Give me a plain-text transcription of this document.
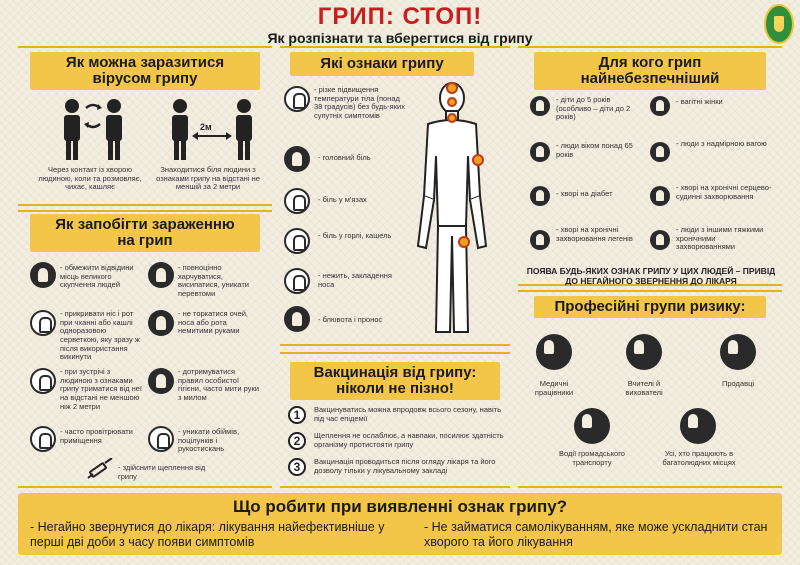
ГРИП: СТОП!
Як розпізнати та вберегтися від грипу
Як можна заразитися вірусом грипу
2м
Через контакт із хворою людиною, коли та розмовляє, чихає, кашляє
Знаходитися біля людини з ознаками грипу на відстані не меншій за 2 метри
Як запобігти зараженню на грип
- обмежити відвідини місць великого скупчення людей
- повноцінно харчуватися, висипатися, уникати перевтоми
- прикривати ніс і рот при чханні або кашлі одноразовою серветкою, яку зразу ж після використання викинути
- не торкатися очей, носа або рота немитими руками
- при зустрічі з людиною з ознаками грипу триматися від неї на відстані не меншою ніж 2 метри
- дотримуватися правил особистої гігієни, часто мити руки з милом
- часто провітрювати приміщення
- уникати обіймів, поцілунків і рукостискань
- здійснити щеплення від грипу
Які ознаки грипу
- різке підвищення температури тіла (понад 38 градусів) без будь-яких супутніх симптомів
- головний біль
- біль у м'язах
- біль у горлі, кашель
- нежить, закладення носа
- блювота і пронос
Вакцинація від грипу: ніколи не пізно!
1	Вакцинуватись можна впродовж всього сезону, навіть під час епідемії
2	Щеплення не ослаблює, а навпаки, посилює здатність організму протистояти грипу
3	Вакцинація проводиться після огляду лікаря та його дозволу тільки у лікувальному закладі
Для кого грип найнебезпечніший
- діти до 5 років (особливо – діти до 2 років)
- вагітні жінки
- люди віком понад 65 років
- люди з надмірною вагою
- хворі на діабет
- хворі на хронічні серцево-судинні захворювання
- хворі на хронічні захворювання легенів
- люди з іншими тяжкими хронічними захворюваннями
ПОЯВА БУДЬ-ЯКИХ ОЗНАК ГРИПУ У ЦИХ ЛЮДЕЙ – ПРИВІД ДО НЕГАЙНОГО ЗВЕРНЕННЯ ДО ЛІКАРЯ
Професійні групи ризику:
Медичні працівники
Вчителі й вихователі
Продавці
Водії громадського транспорту
Усі, хто працюють в багатолюдних місцях
Що робити при виявленні ознак грипу?
- Негайно звернутися до лікаря: лікування найефективніше у перші дві доби з часу появи симптомів
- Не займатися самолікуванням, яке може ускладнити стан хворого та його лікування
